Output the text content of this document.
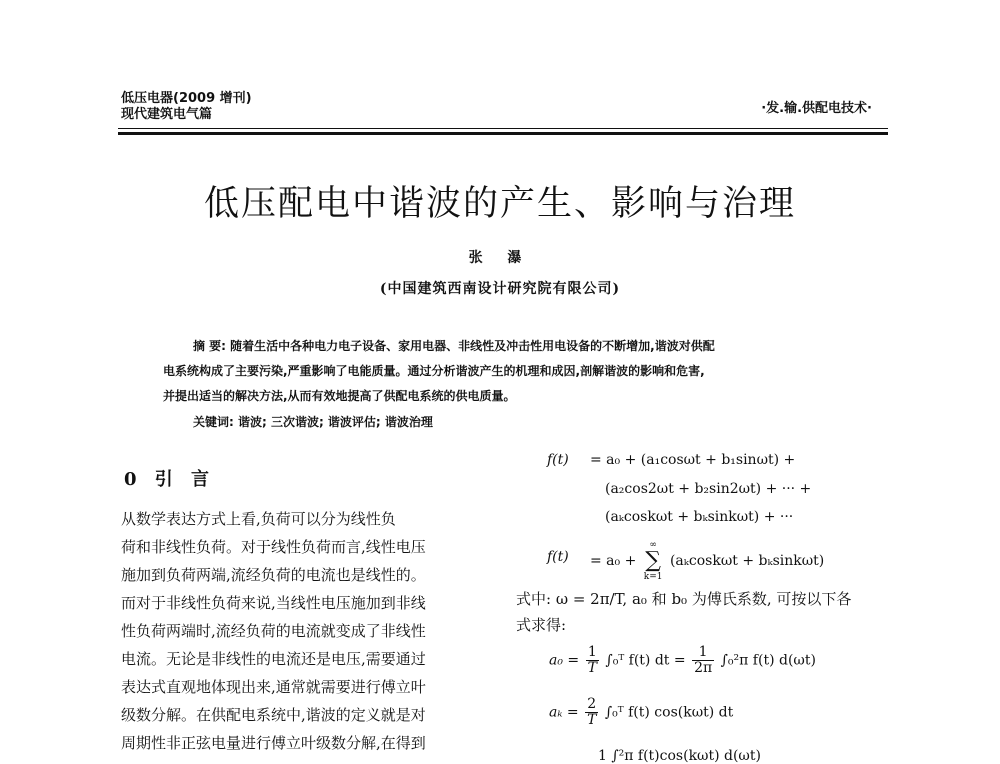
低压电器(2009 增刊)
现代建筑电气篇	·发.输.供配电技术·
低压配电中谐波的产生、影响与治理
张 瀑
(中国建筑西南设计研究院有限公司)
摘 要: 随着生活中各种电力电子设备、家用电器、非线性及冲击性用电设备的不断增加,谐波对供配
电系统构成了主要污染,严重影响了电能质量。通过分析谐波产生的机理和成因,剖解谐波的影响和危害,
并提出适当的解决方法,从而有效地提高了供配电系统的供电质量。
关键词: 谐波; 三次谐波; 谐波评估; 谐波治理
0 引 言
从数学表达方式上看,负荷可以分为线性负
荷和非线性负荷。对于线性负荷而言,线性电压
施加到负荷两端,流经负荷的电流也是线性的。
而对于非线性负荷来说,当线性电压施加到非线
性负荷两端时,流经负荷的电流就变成了非线性
电流。无论是非线性的电流还是电压,需要通过
表达式直观地体现出来,通常就需要进行傅立叶
级数分解。在供配电系统中,谐波的定义就是对
周期性非正弦电量进行傅立叶级数分解,在得到
f(t) = a₀ + (a₁cosωt + b₁sinωt) +
(a₂cos2ωt + b₂sin2ωt) + ··· +
(aₖcoskωt + bₖsinkωt) + ···
f(t) = a₀ +
∞
∑
k=1
(aₖcoskωt + bₖsinkωt)
式中: ω = 2π/T, a₀ 和 b₀ 为傅氏系数, 可按以下各
式求得:
$a_0 = \frac{1}{T}$ ∫₀ᵀ f(t) dt = $\frac{1}{2\pi} \int_0^2\pi$ f(t) d(ωt)
$a_k = \frac{2}{T}$ ∫₀ᵀ f(t) cos(kωt) dt
1 ∫²π f(t)cos(kωt) d(ωt)
